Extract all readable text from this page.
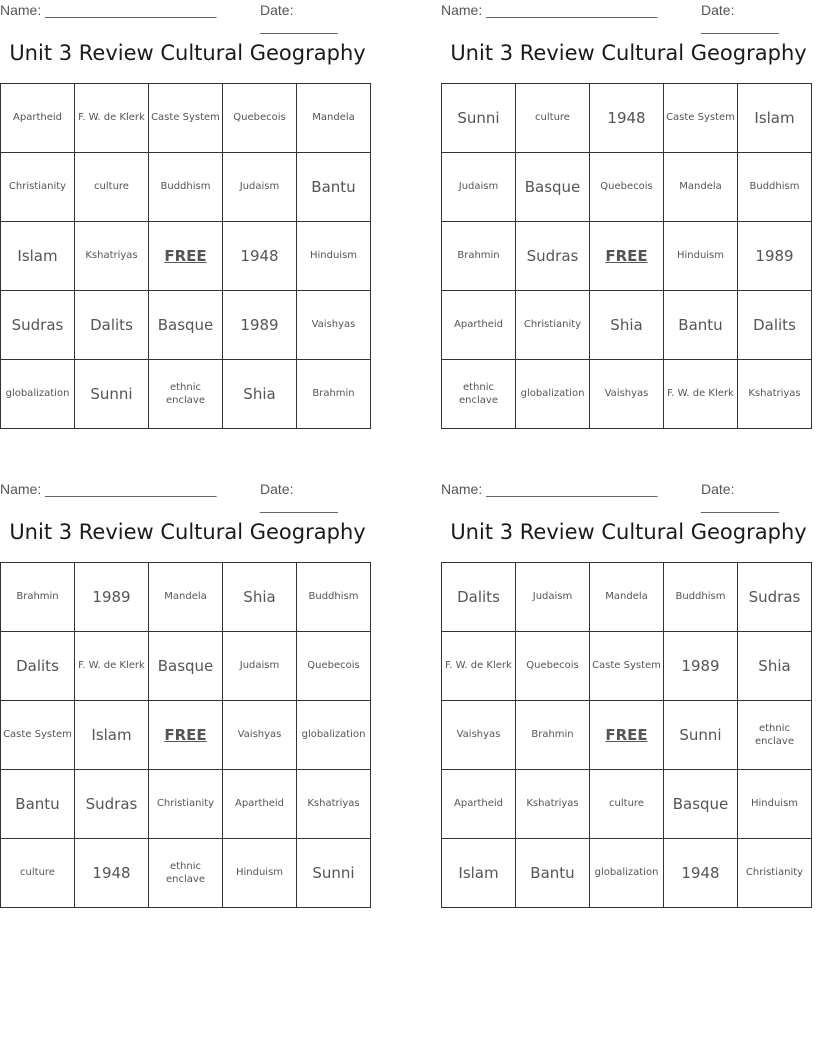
Name: ______________________	Date: __________
Unit 3 Review Cultural Geography
Apartheid	F. W. de Klerk	Caste System	Quebecois	Mandela
Christianity	culture	Buddhism	Judaism	Bantu
Islam	Kshatriyas	FREE	1948	Hinduism
Sudras	Dalits	Basque	1989	Vaishyas
globalization	Sunni	ethnic enclave	Shia	Brahmin
Name: ______________________	Date: __________
Unit 3 Review Cultural Geography
Sunni	culture	1948	Caste System	Islam
Judaism	Basque	Quebecois	Mandela	Buddhism
Brahmin	Sudras	FREE	Hinduism	1989
Apartheid	Christianity	Shia	Bantu	Dalits
ethnic enclave	globalization	Vaishyas	F. W. de Klerk	Kshatriyas
Name: ______________________	Date: __________
Unit 3 Review Cultural Geography
Brahmin	1989	Mandela	Shia	Buddhism
Dalits	F. W. de Klerk	Basque	Judaism	Quebecois
Caste System	Islam	FREE	Vaishyas	globalization
Bantu	Sudras	Christianity	Apartheid	Kshatriyas
culture	1948	ethnic enclave	Hinduism	Sunni
Name: ______________________	Date: __________
Unit 3 Review Cultural Geography
Dalits	Judaism	Mandela	Buddhism	Sudras
F. W. de Klerk	Quebecois	Caste System	1989	Shia
Vaishyas	Brahmin	FREE	Sunni	ethnic enclave
Apartheid	Kshatriyas	culture	Basque	Hinduism
Islam	Bantu	globalization	1948	Christianity
